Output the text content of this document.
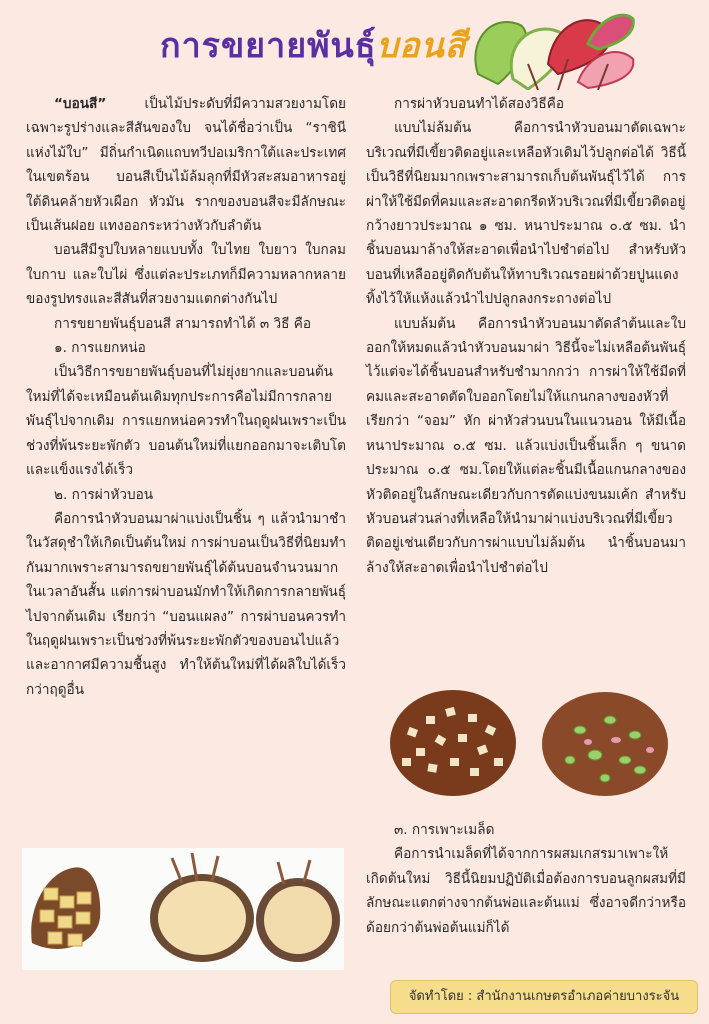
การขยายพันธุ์บอนสี

“บอนสี” เป็นไม้ประดับที่มีความสวยงามโดยเฉพาะรูปร่างและสีสันของใบ จนได้ชื่อว่าเป็น “ราชินีแห่งไม้ใบ” มีถิ่นกำเนิดแถบทวีปอเมริกาใต้และประเทศในเขตร้อน บอนสีเป็นไม้ล้มลุกที่มีหัวสะสมอาหารอยู่ใต้ดินคล้ายหัวเผือก หัวมัน รากของบอนสีจะมีลักษณะเป็นเส้นฝอย แทงออกระหว่างหัวกับลำต้น

บอนสีมีรูปใบหลายแบบทั้ง ใบไทย ใบยาว ใบกลม ใบกาบ และใบไผ่ ซึ่งแต่ละประเภทก็มีความหลากหลายของรูปทรงและสีสันที่สวยงามแตกต่างกันไป

การขยายพันธุ์บอนสี สามารถทำได้ ๓ วิธี คือ

๑. การแยกหน่อ

เป็นวิธีการขยายพันธุ์บอนที่ไม่ยุ่งยากและบอนต้นใหม่ที่ได้จะเหมือนต้นเดิมทุกประการคือไม่มีการกลายพันธุ์ไปจากเดิม การแยกหน่อควรทำในฤดูฝนเพราะเป็นช่วงที่พ้นระยะพักตัว บอนต้นใหม่ที่แยกออกมาจะเติบโตและแข็งแรงได้เร็ว

๒. การผ่าหัวบอน

คือการนำหัวบอนมาผ่าแบ่งเป็นชิ้น ๆ แล้วนำมาชำในวัสดุชำให้เกิดเป็นต้นใหม่ การผ่าบอนเป็นวิธีที่นิยมทำกันมากเพราะสามารถขยายพันธุ์ได้ต้นบอนจำนวนมากในเวลาอันสั้น แต่การผ่าบอนมักทำให้เกิดการกลายพันธุ์ไปจากต้นเดิม เรียกว่า “บอนแผลง” การผ่าบอนควรทำในฤดูฝนเพราะเป็นช่วงที่พ้นระยะพักตัวของบอนไปแล้วและอากาศมีความชื้นสูง ทำให้ต้นใหม่ที่ได้ผลิใบได้เร็วกว่าฤดูอื่น

การผ่าหัวบอนทำได้สองวิธีคือ

แบบไม่ล้มต้น คือการนำหัวบอนมาตัดเฉพาะบริเวณที่มีเขี้ยวติดอยู่และเหลือหัวเดิมไว้ปลูกต่อได้ วิธีนี้เป็นวิธีที่นิยมมากเพราะสามารถเก็บต้นพันธุ์ไว้ได้ การผ่าให้ใช้มีดที่คมและสะอาดกรีดหัวบริเวณที่มีเขี้ยวติดอยู่กว้างยาวประมาณ ๑ ซม. หนาประมาณ ๐.๕ ซม. นำชิ้นบอนมาล้างให้สะอาดเพื่อนำไปชำต่อไป สำหรับหัวบอนที่เหลืออยู่ติดกับต้นให้ทาบริเวณรอยผ่าด้วยปูนแดง ทิ้งไว้ให้แห้งแล้วนำไปปลูกลงกระถางต่อไป

แบบล้มต้น คือการนำหัวบอนมาตัดลำต้นและใบออกให้หมดแล้วนำหัวบอนมาผ่า วิธีนี้จะไม่เหลือต้นพันธุ์ไว้แต่จะได้ชิ้นบอนสำหรับชำมากกว่า การผ่าให้ใช้มีดที่คมและสะอาดตัดใบออกโดยไม่ให้แกนกลางของหัวที่เรียกว่า “จอม” หัก ผ่าหัวส่วนบนในแนวนอน ให้มีเนื้อหนาประมาณ ๐.๕ ซม. แล้วแบ่งเป็นชิ้นเล็ก ๆ ขนาดประมาณ ๐.๕ ซม.โดยให้แต่ละชิ้นมีเนื้อแกนกลางของหัวติดอยู่ในลักษณะเดียวกับการตัดแบ่งขนมเค้ก สำหรับหัวบอนส่วนล่างที่เหลือให้นำมาผ่าแบ่งบริเวณที่มีเขี้ยวติดอยู่เช่นเดียวกับการผ่าแบบไม่ล้มต้น นำชิ้นบอนมาล้างให้สะอาดเพื่อนำไปชำต่อไป

๓. การเพาะเมล็ด

คือการนำเมล็ดที่ได้จากการผสมเกสรมาเพาะให้เกิดต้นใหม่ วิธีนี้นิยมปฏิบัติเมื่อต้องการบอนลูกผสมที่มีลักษณะแตกต่างจากต้นพ่อและต้นแม่ ซึ่งอาจดีกว่าหรือด้อยกว่าต้นพ่อต้นแม่ก็ได้

จัดทำโดย : สำนักงานเกษตรอำเภอค่ายบางระจัน
